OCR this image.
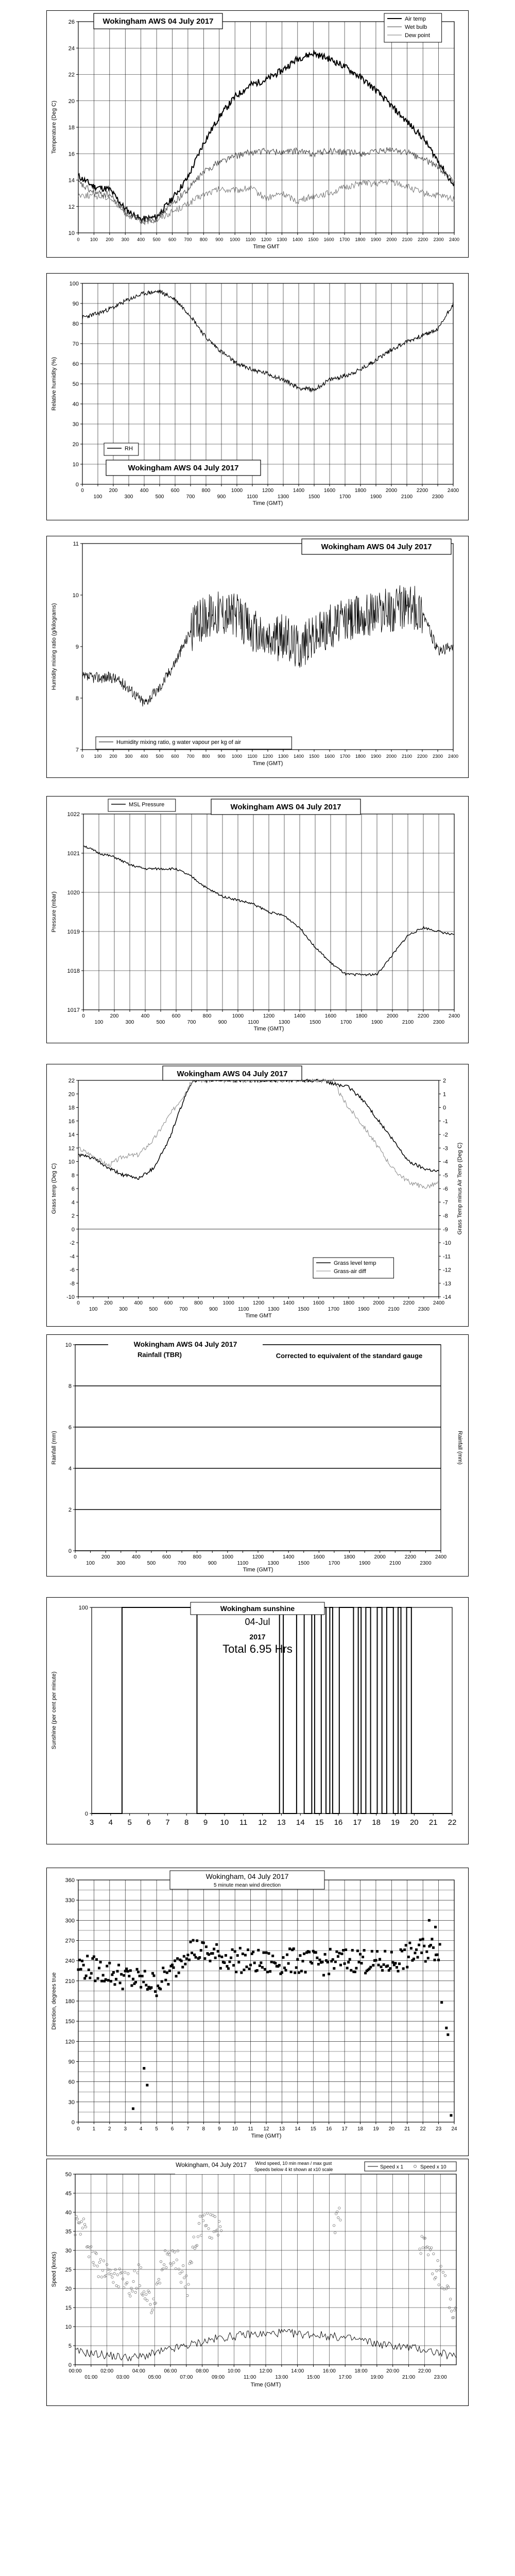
10
12
14
16
18
20
22
24
26
Temperature (Deg C)
0 100 200 300 400 500 600 700 800 900 1000 1100 1200 1300 1400 1500 1600 1700 1800 1900 2000 2100 2200 2300 2400
Time GMT
Wokingham AWS 04 July 2017	Air temp
Wet bulb
Dew point
0
10
20
30
40
50
60
70
80
90
100
Relative humidity (%)
0	200	400	600	800	1000	1200	1400	1600	1800	2000	2200	2400
100	300	500	700	900	1100	1300	1500	1700	1900	2100	2300
Time (GMT)
RH
Wokingham AWS 04 July 2017
7
8
9
10
11
Humidity mixing ratio (g/kilograms)
0 100 200 300 400 500 600 700 800 900 1000 1100 1200 1300 1400 1500 1600 1700 1800 1900 2000 2100 2200 2300 2400
Time (GMT)
Wokingham AWS 04 July 2017
Humidity mixing ratio, g water vapour per kg of air
1017
1018
1019
1020
1021
1022
Pressure (mbar)
0	200	400	600	800	1000	1200	1400	1600	1800	2000	2200	2400
100	300	500	700	900	1100	1300	1500	1700	1900	2100	2300
Time (GMT)
MSL Pressure	Wokingham AWS 04 July 2017
-10
-8
-6
-4
-2
0
2
4
6
8
10
12
14
16
18
20
22
Grass temp (Deg C)
0	200	400	600	800	1000	1200	1400	1600	1800	2000	2200	2400
100	300	500	700	900	1100	1300	1500	1700	1900	2100	2300
Time GMT
-14
-13
-12
-11
-10
-9
-8
-7
-6
-5
-4
-3
-2
-1
0
1
2
Grass Temp minus Air Temp (Deg C)
Wokingham AWS 04 July 2017
Grass level temp
Grass-air diff
0
2
4
6
8
10
Rainfall (mm)
0	200	400	600	800	1000	1200	1400	1600	1800	2000	2200	2400
100	300	500	700	900	1100	1300	1500	1700	1900	2100	2300
Time (GMT)
Rainfall (mm)
Wokingham AWS 04 July 2017
Rainfall (TBR)	Corrected to equivalent of the standard gauge
0
100
Sunshine (per cent per minute)
3 4 5 6 7 8 9 10 11 12 13 14 15 16 17 18 19 20 21 22
Wokingham sunshine
04-Jul
2017
Total 6.95 Hrs
0
30
60
90
120
150
180
210
240
270
300
330
360
Direction, degrees true
0 1 2 3 4 5 6 7 8 9 10 11 12 13 14 15 16 17 18 19 20 21 22 23 24
Time (GMT)
Wokingham, 04 July 2017
5 minute mean wind direction
0
5
10
15
20
25
30
35
40
45
50
Speed (knots)
00:00	02:00	04:00	06:00	08:00	10:00	12:00	14:00	16:00	18:00	20:00	22:00
01:00	03:00	05:00	07:00	09:00	11:00	13:00	15:00	17:00	19:00	21:00	23:00
Time (GMT)
Wokingham, 04 July 2017 Wind speed, 10 min mean / max gust
Speeds below 4 kt shown at x10 scale	Speed x 1	Speed x 10
